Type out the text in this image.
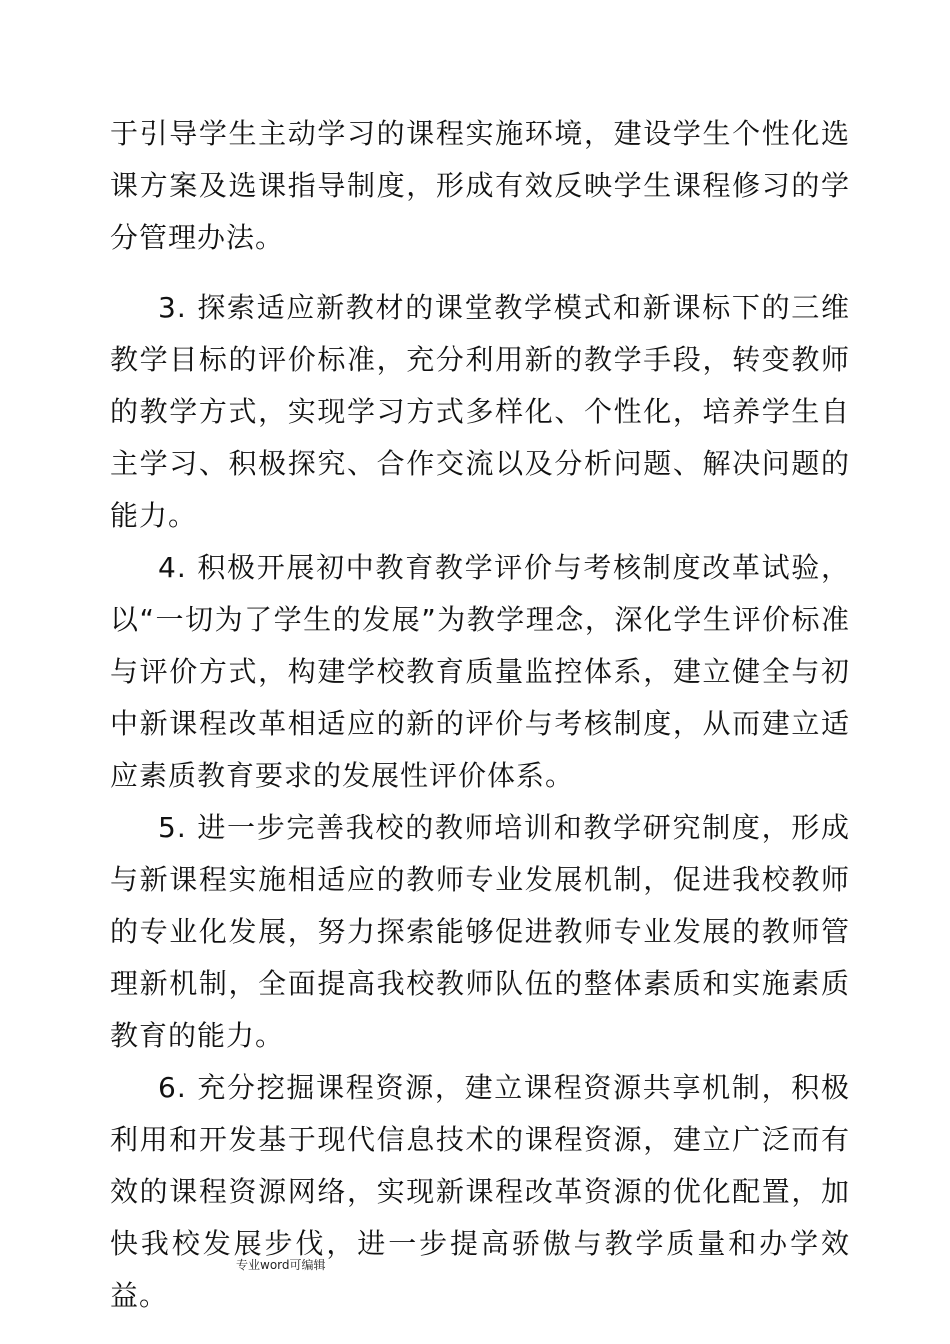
于引导学生主动学习的课程实施环境，建设学生个性化选课方案及选课指导制度，形成有效反映学生课程修习的学分管理办法。

3. 探索适应新教材的课堂教学模式和新课标下的三维教学目标的评价标准，充分利用新的教学手段，转变教师的教学方式，实现学习方式多样化、个性化，培养学生自主学习、积极探究、合作交流以及分析问题、解决问题的能力。

4. 积极开展初中教育教学评价与考核制度改革试验，以“一切为了学生的发展”为教学理念，深化学生评价标准与评价方式，构建学校教育质量监控体系，建立健全与初中新课程改革相适应的新的评价与考核制度，从而建立适应素质教育要求的发展性评价体系。

5. 进一步完善我校的教师培训和教学研究制度，形成与新课程实施相适应的教师专业发展机制，促进我校教师的专业化发展，努力探索能够促进教师专业发展的教师管理新机制，全面提高我校教师队伍的整体素质和实施素质教育的能力。

6. 充分挖掘课程资源，建立课程资源共享机制，积极利用和开发基于现代信息技术的课程资源，建立广泛而有效的课程资源网络，实现新课程改革资源的优化配置，加快我校发展步伐，进一步提高骄傲与教学质量和办学效益。

专业word可编辑
